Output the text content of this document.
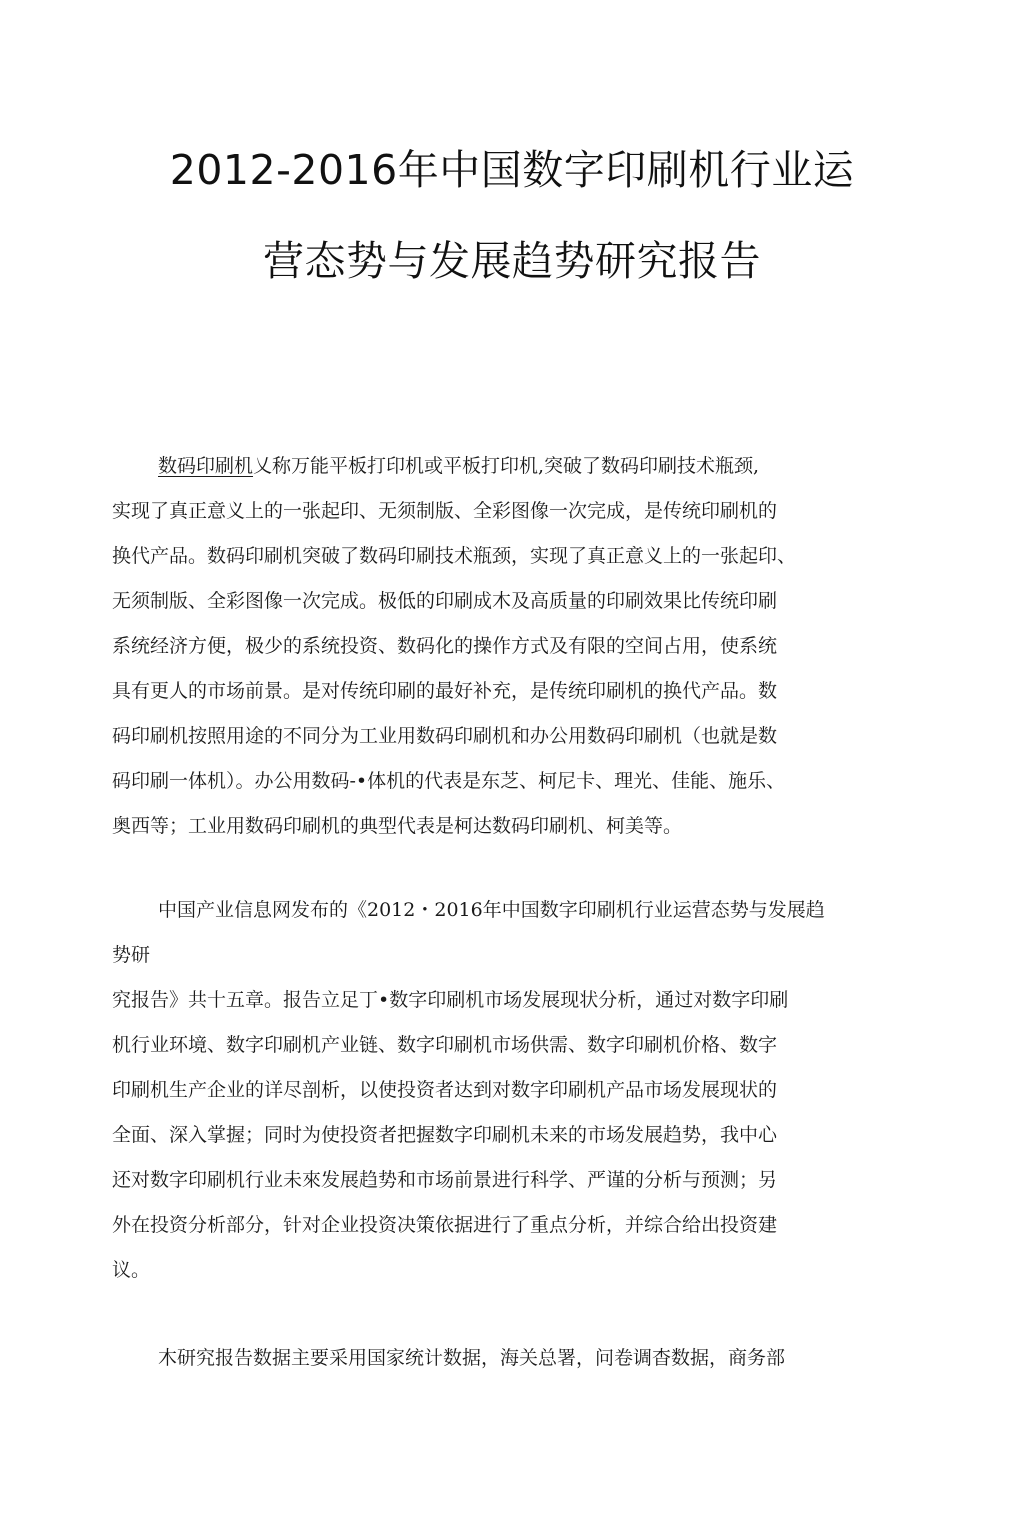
2012-2016年中国数字印刷机行业运
营态势与发展趋势研究报告
数码印刷机乂称万能平板打印机或平板打印机,突破了数码印刷技术瓶颈,
实现了真正意义上的一张起印、无须制版、全彩图像一次完成，是传统印刷机的
换代产品。数码印刷机突破了数码印刷技术瓶颈，实现了真正意义上的一张起印、
无须制版、全彩图像一次完成。极低的印刷成木及高质量的印刷效果比传统印刷
系统经济方便，极少的系统投资、数码化的操作方式及有限的空间占用，使系统
具有更人的市场前景。是对传统印刷的最好补充，是传统印刷机的换代产品。数
码印刷机按照用途的不同分为工业用数码印刷机和办公用数码印刷机（也就是数
码印刷一体机）。办公用数码-•体机的代表是东芝、柯尼卡、理光、佳能、施乐、
奥西等；工业用数码印刷机的典型代表是柯达数码印刷机、柯美等。
中国产业信息网发布的《2012・2016年中国数字印刷机行业运营态势与发展趋
势研
究报告》共十五章。报告立足丁•数字印刷机市场发展现状分析，通过对数字印刷
机行业环境、数字印刷机产业链、数字印刷机市场供需、数字印刷机价格、数字
印刷机生产企业的详尽剖析，以使投资者达到对数字印刷机产品市场发展现状的
全面、深入掌握；同时为使投资者把握数字印刷机未来的市场发展趋势，我中心
还对数字印刷机行业未來发展趋势和市场前景进行科学、严谨的分析与预测；另
外在投资分析部分，针对企业投资决策依据进行了重点分析，并综合给出投资建
议。
木研究报告数据主要采用国家统计数据，海关总署，问卷调杳数据，商务部
